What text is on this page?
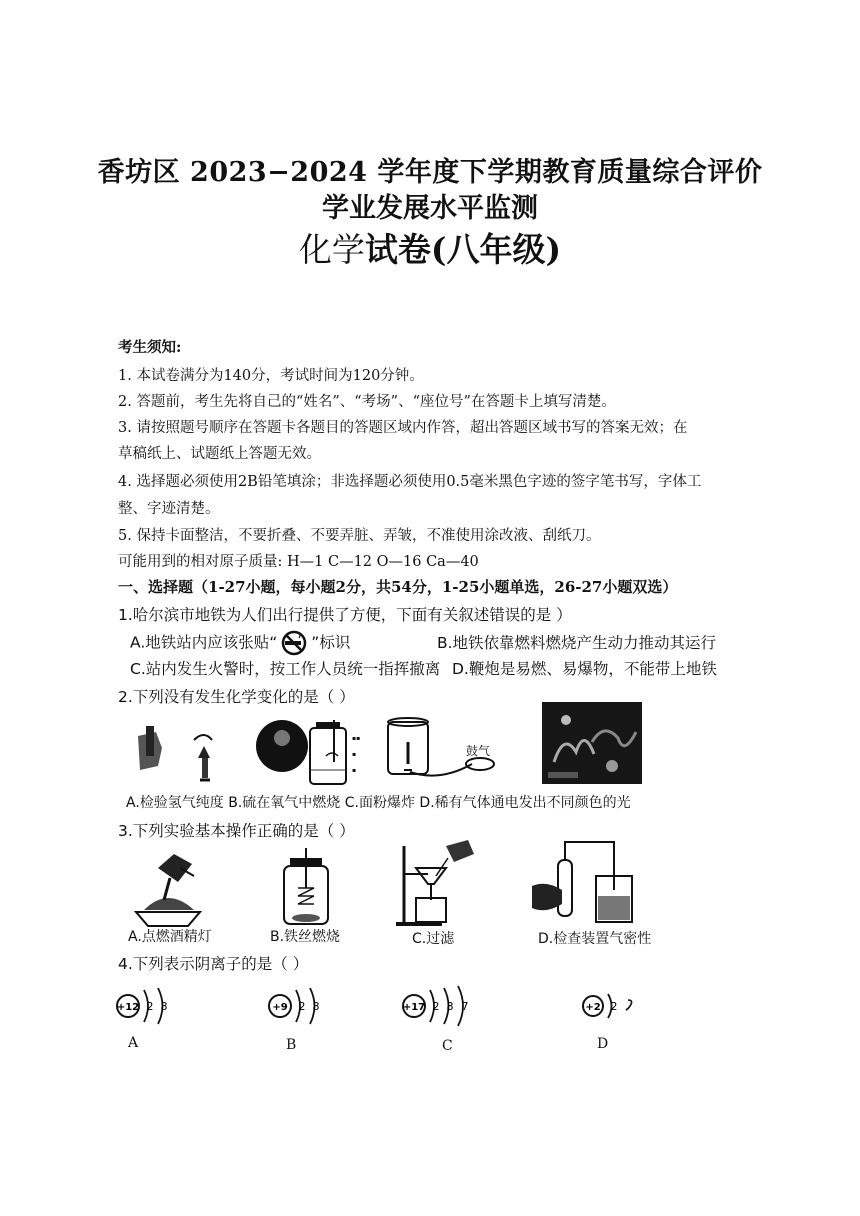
香坊区 2023−2024 学年度下学期教育质量综合评价
学业发展水平监测
化学试卷(八年级)
考生须知:
1. 本试卷满分为140分，考试时间为120分钟。
2. 答题前，考生先将自己的“姓名”、“考场”、“座位号”在答题卡上填写清楚。
3. 请按照题号顺序在答题卡各题目的答题区域内作答，超出答题区域书写的答案无效；在
草稿纸上、试题纸上答题无效。
4. 选择题必须使用2B铅笔填涂；非选择题必须使用0.5毫米黑色字迹的签字笔书写，字体工
整、字迹清楚。
5. 保持卡面整洁，不要折叠、不要弄脏、弄皱，不准使用涂改液、刮纸刀。
可能用到的相对原子质量: H—1 C—12 O—16 Ca—40
一、选择题（1-27小题，每小题2分，共54分，1-25小题单选，26-27小题双选）
1.哈尔滨市地铁为人们出行提供了方便，下面有关叙述错误的是 ）
A.地铁站内应该张贴“ ”标识	B.地铁依靠燃料燃烧产生动力推动其运行
C.站内发生火警时，按工作人员统一指挥撤离 D.鞭炮是易燃、易爆物，不能带上地铁
2.下列没有发生化学变化的是（ ）
▪▪
▪
▪
鼓气
A.检验氢气纯度 B.硫在氧气中燃烧 C.面粉爆炸 D.稀有气体通电发出不同颜色的光
3.下列实验基本操作正确的是（ ）
A.点燃酒精灯	B.铁丝燃烧	C.过滤	D.检查装置气密性
4.下列表示阴离子的是（ ）
+12 2 8	+9 2 8	+17 2 8 7	+2 2
A	B	C	D
